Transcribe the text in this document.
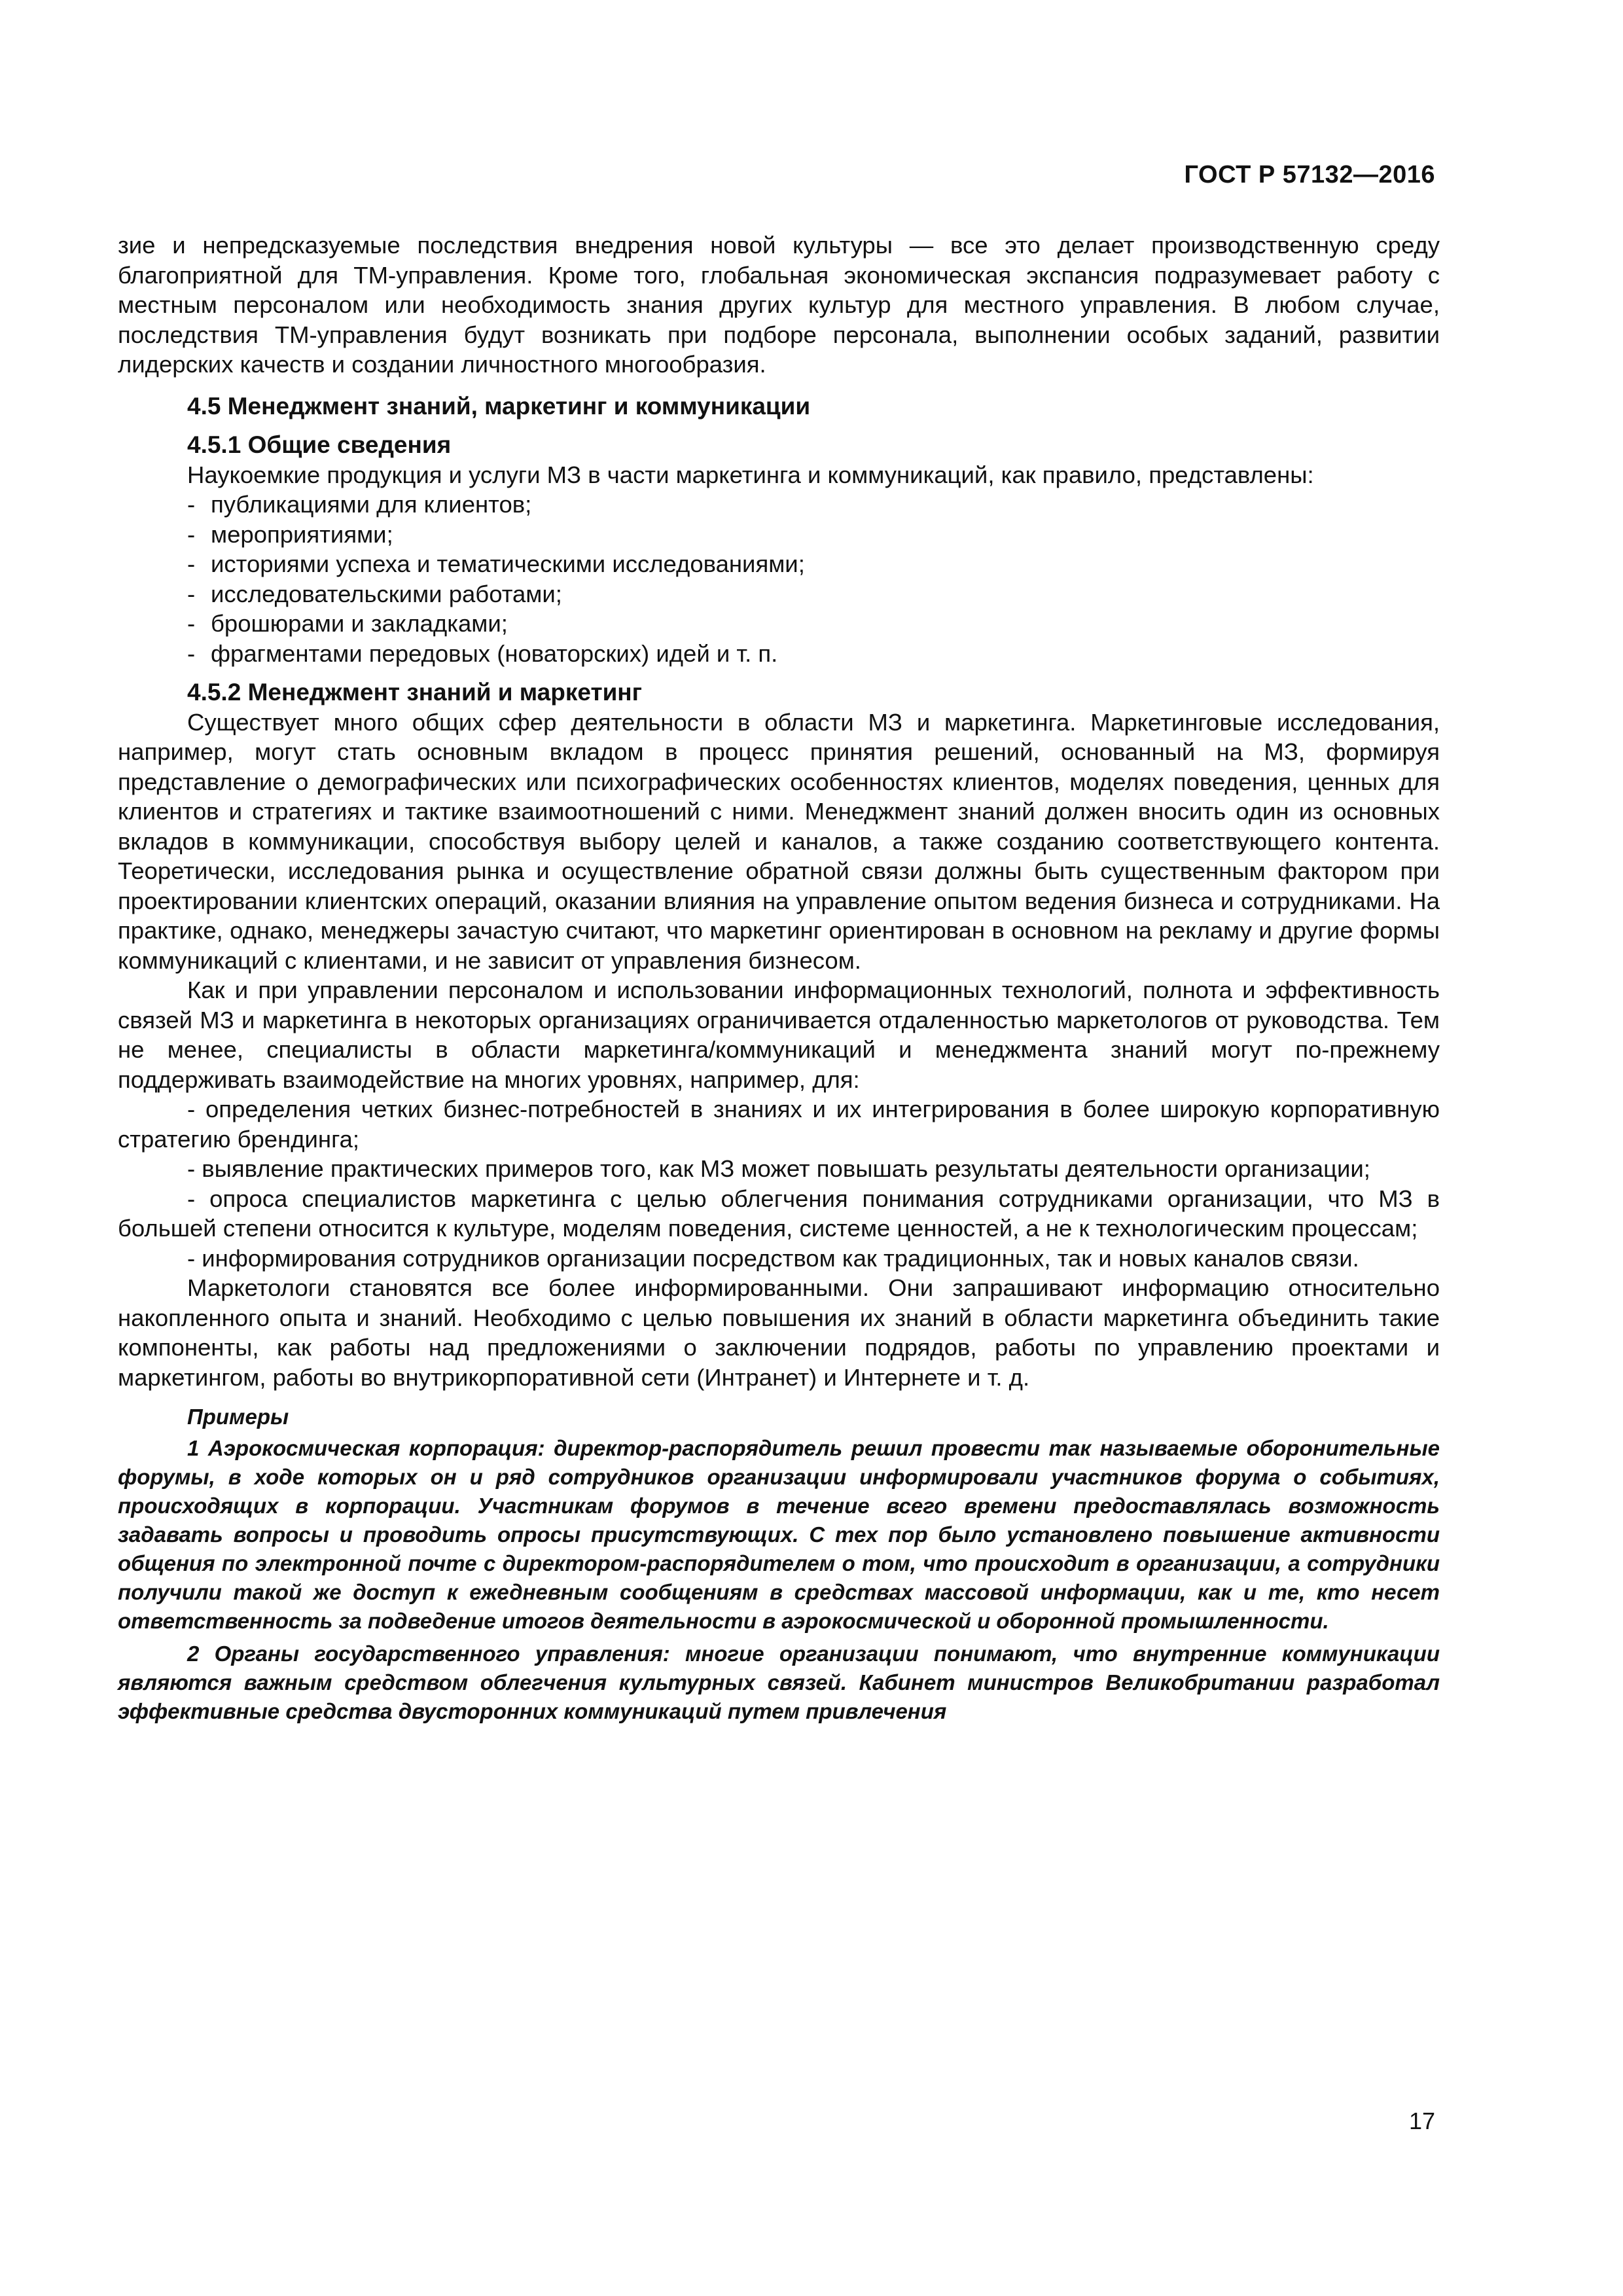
ГОСТ Р 57132—2016

зие и непредсказуемые последствия внедрения новой культуры — все это делает производственную среду благоприятной для ТМ-управления. Кроме того, глобальная экономическая экспансия подразумевает работу с местным персоналом или необходимость знания других культур для местного управления. В любом случае, последствия ТМ-управления будут возникать при подборе персонала, выполнении особых заданий, развитии лидерских качеств и создании личностного многообразия.

4.5 Менеджмент знаний, маркетинг и коммуникации

4.5.1 Общие сведения

Наукоемкие продукция и услуги МЗ в части маркетинга и коммуникаций, как правило, представлены:

- публикациями для клиентов;
- мероприятиями;
- историями успеха и тематическими исследованиями;
- исследовательскими работами;
- брошюрами и закладками;
- фрагментами передовых (новаторских) идей и т. п.

4.5.2 Менеджмент знаний и маркетинг

Существует много общих сфер деятельности в области МЗ и маркетинга. Маркетинговые исследования, например, могут стать основным вкладом в процесс принятия решений, основанный на МЗ, формируя представление о демографических или психографических особенностях клиентов, моделях поведения, ценных для клиентов и стратегиях и тактике взаимоотношений с ними. Менеджмент знаний должен вносить один из основных вкладов в коммуникации, способствуя выбору целей и каналов, а также созданию соответствующего контента. Теоретически, исследования рынка и осуществление обратной связи должны быть существенным фактором при проектировании клиентских операций, оказании влияния на управление опытом ведения бизнеса и сотрудниками. На практике, однако, менеджеры зачастую считают, что маркетинг ориентирован в основном на рекламу и другие формы коммуникаций с клиентами, и не зависит от управления бизнесом.

Как и при управлении персоналом и использовании информационных технологий, полнота и эффективность связей МЗ и маркетинга в некоторых организациях ограничивается отдаленностью маркетологов от руководства. Тем не менее, специалисты в области маркетинга/коммуникаций и менеджмента знаний могут по-прежнему поддерживать взаимодействие на многих уровнях, например, для:

- определения четких бизнес-потребностей в знаниях и их интегрирования в более широкую корпоративную стратегию брендинга;

- выявление практических примеров того, как МЗ может повышать результаты деятельности организации;

- опроса специалистов маркетинга с целью облегчения понимания сотрудниками организации, что МЗ в большей степени относится к культуре, моделям поведения, системе ценностей, а не к технологическим процессам;

- информирования сотрудников организации посредством как традиционных, так и новых каналов связи.

Маркетологи становятся все более информированными. Они запрашивают информацию относительно накопленного опыта и знаний. Необходимо с целью повышения их знаний в области маркетинга объединить такие компоненты, как работы над предложениями о заключении подрядов, работы по управлению проектами и маркетингом, работы во внутрикорпоративной сети (Интранет) и Интернете и т. д.

Примеры

1 Аэрокосмическая корпорация: директор-распорядитель решил провести так называемые оборонительные форумы, в ходе которых он и ряд сотрудников организации информировали участников форума о событиях, происходящих в корпорации. Участникам форумов в течение всего времени предоставлялась возможность задавать вопросы и проводить опросы присутствующих. С тех пор было установлено повышение активности общения по электронной почте с директором-распорядителем о том, что происходит в организации, а сотрудники получили такой же доступ к ежедневным сообщениям в средствах массовой информации, как и те, кто несет ответственность за подведение итогов деятельности в аэрокосмической и оборонной промышленности.

2 Органы государственного управления: многие организации понимают, что внутренние коммуникации являются важным средством облегчения культурных связей. Кабинет министров Великобритании разработал эффективные средства двусторонних коммуникаций путем привлечения

17
